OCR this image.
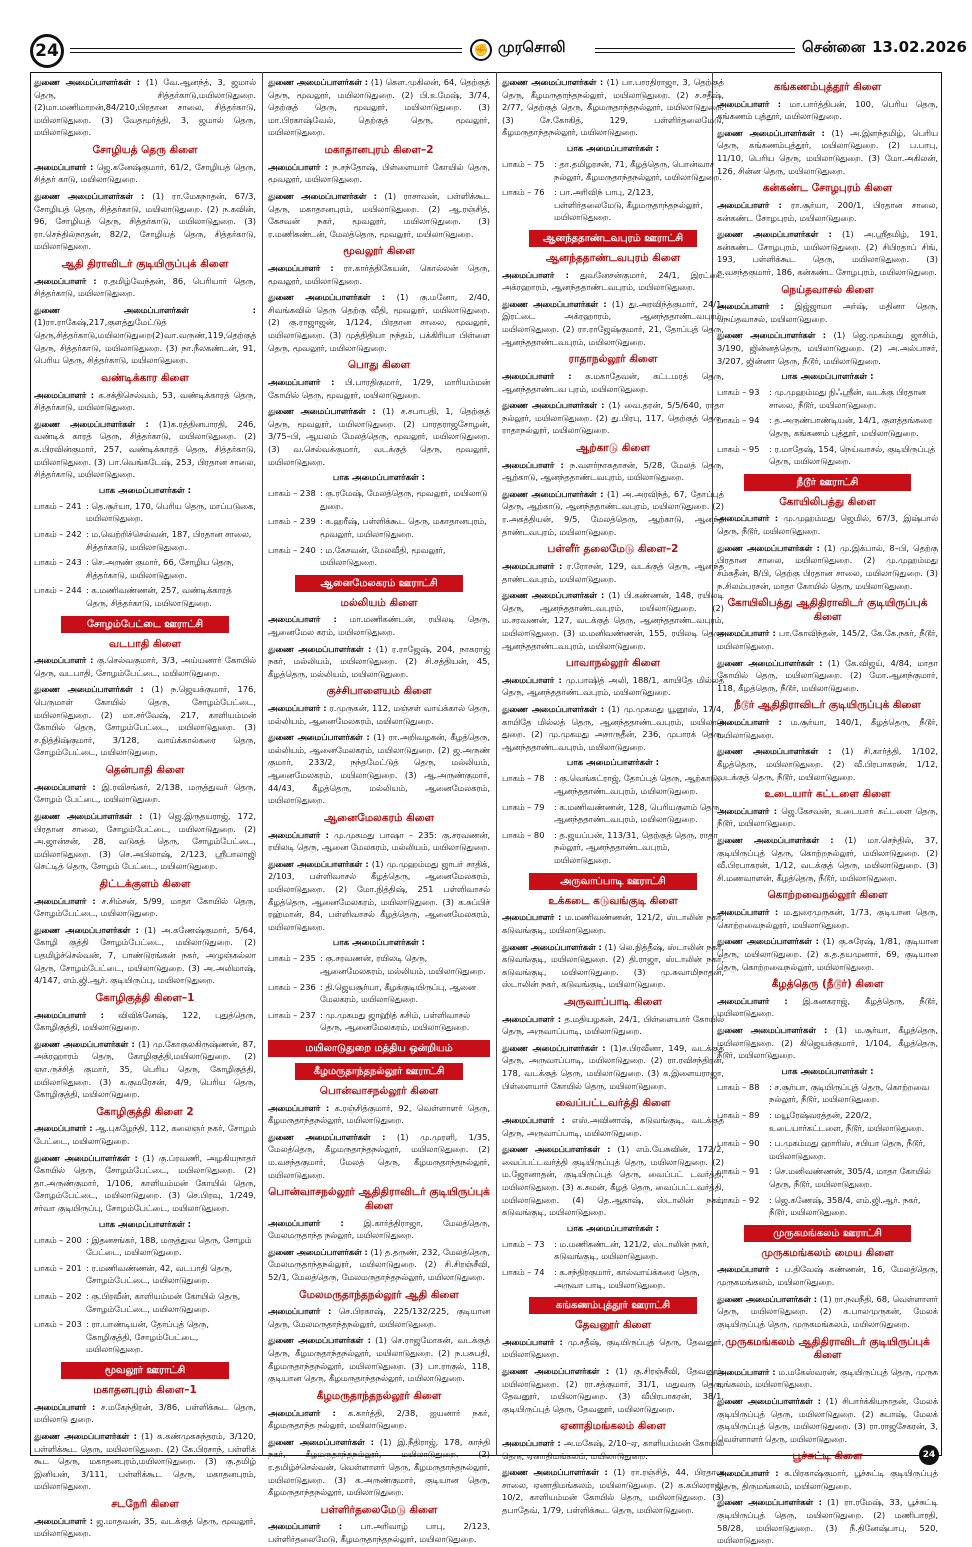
24	✊ முரசொலி	சென்னை 13.02.2026
துணை அமைப்பாளர்கள் : (1) வே.ஆனந்த், 3, ஜமால் தெரு, சித்தர்காடு,மயிலாடுதுறை.(2)மா.மணிமாறன்,84/210,பிரதான சாலை, சித்தர்காடு, மயிலாடுதுறை. (3) வேதமூர்த்தி, 3, ஜமால் தெரு, மயிலாடுதுறை.
சோழியத் தெரு கிளை
அமைப்பாளர் : ஜெ.கனேஷ்குமார், 61/2, சோழியத் தெரு, சித்தர் காடு, மயிலாடுதுறை.
துணை அமைப்பாளர்கள் : (1) ரா.மேகநாதன், 67/3, சோழியத் தெரு, சித்தர்காடு, மயிலாடுதுறை. (2) ந.கவின், 96, சோழியத் தெரு, சித்தர்காடு, மயிலாடுதுறை. (3) ரா.செந்தில்நாதன், 82/2, சோழியத் தெரு, சித்தர்காடு, மயிலாடுதுறை.
ஆதி திராவிடர் குடியிருப்புக் கிளை
அமைப்பாளர் : ர.தமிழ்வேந்தன், 86, பெரியார் தெரு, சித்தர்காடு, மயிலாடுதுறை.
துணை அமைப்பாளர்கள் : (1)ரா.ராகேஷ்,217,குளத்துமேட்டுத் தெரு,சித்தர்காடு,மயிலாடுதுறை(2)வா.வருண்,119,தெற்குத் தெரு, சித்தர்காடு, மயிலாடுதுறை. (3) நா.நீலகண்டன், 91, பெரிய தெரு, சித்தர்காடு, மயிலாடுதுறை.
வண்டிக்கார கிளை
அமைப்பாளர் : க.சக்திசெல்வம், 53, வண்டிக்காரத் தெரு, சித்தர்காடு, மயிலாடுதுறை.
துணை அமைப்பாளர்கள் : (1)க.ரத்தினபாரதி, 246, வண்டிக் காரத் தெரு, சித்தர்காடு, மயிலாடுதுறை. (2) க.பிரவின்குமார், 257, வண்டிக்காரத் தெரு, சித்தர்காடு, மயிலாடுதுறை. (3) பா.வெங்கடேஷ், 253, பிரதான சாலை, சித்தர்காடு, மயிலாடுதுறை.
பாக அமைப்பாளர்கள் :
பாகம் – 241 : தெ.சூர்யா, 170, பெரிய தெரு, மாப்படுகை, மயிலாடுதுறை.
பாகம் – 242 : ம.வெற்றிச்செல்வன், 187, பிரதான சாலை, சித்தர்காடு, மயிலாடுதுறை.
பாகம் – 243 : செ.அருண் குமார், 66, சோழிய தெரு, சித்தர்காடு, மயிலாடுதுறை.
பாகம் – 244 : க.மணிவண்ணன், 257, வண்டிக்காரத் தெரு, சித்தர்காடு, மயிலாடுதுறை.
சோழம்பேட்டை ஊராட்சி
வடபாதி கிளை
அமைப்பாளர் : கு.செல்வகுமார், 3/3, அய்யனார் கோயில் தெரு, வடபாதி, சோழம்பேட்டை, மயிலாடுதுறை.
துணை அமைப்பாளர்கள் : (1) ந.ஜெயக்குமார், 176, பெருமாள் கோயில் தெரு, சோழம்பேட்டை, மயிலாடுதுறை. (2) மா.சர்வேஷ், 217, காளியம்மன் கோயில் தெரு, சோழம்பேட்டை, மயிலாடுதுறை. (3) ச.நித்திஷ்குமார், 3/128, வாய்க்கால்கரை தெரு, சோழம்பேட்டை, மயிலாடுதுறை.
தென்பாதி கிளை
அமைப்பாளர் : இ.ரவிசங்கர், 2/138, மருத்துவர் தெரு, சோழம் பேட்டை, மயிலாடுதுறை.
துணை அமைப்பாளர்கள் : (1) ஜெ.இருதயராஜ், 172, பிரதான சாலை, சோழம்பேட்டை, மயிலாடுதுறை. (2) அ.ஜான்சன், 28, வடுகத் தெரு, சோழம்பேட்டை, மயிலாடுதுறை. (3) செ.அபிலாஷ், 2/123, ஸ்ரீபாலாஜி செட்டித் தெரு, சோழம் பேட்டை, மயிலாடுதுறை.
திட்டக்குளம் கிளை
அமைப்பாளர் : ச.சிம்சன், 5/99, மாதா கோயில் தெரு, சோழம்பேட்டை, மயிலாடுதுறை.
துணை அமைப்பாளர்கள் : (1) அ.கணேஷ்குமார், 5/64, கோழி குத்தி சோழம்பேட்டை, மயிலாடுதுறை. (2) பதமிழ்ச்செல்வன், 7, பாண்டுரங்கன் நகர், அழுஞ்கல்லா தெரு, சோழம்பேட்டை, மயிலாடுதுறை. (3) அ.அலிமாஷ், 4/147, எம்.ஜி.ஆர். குடியிருப்பு, மயிலாடுதுறை.
கோழிகுத்தி கிளை–1
அமைப்பாளர் : விவிக்னேஷ், 122, புதுத்தெரு, கோழிகுத்தி, மயிலாடுதுறை.
துணை அமைப்பாளர்கள் : (1) மு.கோகுலகிருஷ்ணன், 87, அக்ரஹாரம் தெரு, கோழிகுத்தி,மயிலாடுதுறை. (2) ஞா.ருச்சித் குமார், 35, பெரிய தெரு, கோழிகுத்தி, மயிலாடுதுறை. (3) க.குமரேசன், 4/9, பெரிய தெரு, கோழிகுத்தி, மயிலாடுதுறை.
கோழிகுத்தி கிளை 2
அமைப்பாளர் : ஆ.புகழேந்தி, 112, கலைஞர் நகர், சோழம் பேட்டை, மயிலாடுதுறை.
துணை அமைப்பாளர்கள் : (1) கு.ப்ரவணி, அழகியநாதர் கோயில் தெரு, சோழம்பேட்டை, மயிலாடுதுறை. (2) தா.அருண்குமார், 1/106, காளியம்மன் கோயில் தெரு, சோழம்பேட்டை, மயிலாடுதுறை. (3) செ.பிரவு, 1/249, சர்வா குடியிருப்பு, சோழம்பேட்டை, மயிலாடுதுறை.
பாக அமைப்பாளர்கள் :
பாகம் – 200 : இதனசங்கர், 188, மருத்துவ தெரு, சோழம் பேட்டை, மயிலாடுதுறை.
பாகம் – 201 : ர.மணிவண்ணன், 42, வடபாதி தெரு, சோழம்பேட்டை, மயிலாடுதுறை.
பாகம் – 202 : கு.பிரவீன், காளியம்மன் கோயில் தெரு, சோழம்பேட்டை, மயிலாடுதுறை.
பாகம் – 203 : ரா.பாண்டியன், தோப்புத் தெரு, கோழிகுத்தி, சோழம்பேட்டை, மயிலாடுதுறை.
மூவலூர் ஊராட்சி
மகாதனபுரம் கிளை–1
அமைப்பாளர் : ச.மகேந்திரன், 3/86, பள்ளிக்கூட தெரு, மயிலாடு துறை.
துணை அமைப்பாளர்கள் : (1) க.கண்முகசுந்தரம், 3/120, பள்ளிக்கூட தெரு, மயிலாடுதுறை. (2) கே.பிரசாந், பள்ளிக் கூட தெரு, மகாதனபுரம்,மயிலாடுதுறை. (3) கு.தமிழ் இனியன், 3/111, பள்ளிக்கூட தெரு, மகாதனபுரம், மயிலாடுதுறை.
சடநேரி கிளை
அமைப்பாளர் : ஜ.மாதவன், 35, வடக்குத் தெரு, மூவலூர், மயிலாடுதுறை.
துணை அமைப்பாளர்கள் : (1) கௌ.முகிலன், 64, தெற்குத் தெரு, மூவலூர், மயிலாடுதுறை. (2) பி.உமேஷ், 3/74, தெற்குத் தெரு, மூவலூர், மயிலாடுதுறை. (3) மா.பிரகாஷ்வேல், தெற்குத் தெரு, மூவலூர், மயிலாடுதுறை.
மகாதானபுரம் கிளை–2
அமைப்பாளர் : ந.சந்தோஷ், பிள்ளையார் கோயில் தெரு, மூவலூர், மயிலாடுதுறை.
துணை அமைப்பாளர்கள் : (1) ராசாவன், பள்ளிக்கூட தெரு, மகாதானபுரம், மயிலாடுதுறை. (2) ஆ.ரஞ்சித், கேசவன் நகர், மூவலூர், மயிலாடுதுறை. (3) ர.மணிகண்டன், மேலத்தெரு, மூவலூர், மயிலாடுதுறை.
மூவலூர் கிளை
அமைப்பாளர் : ரா.கார்த்திகேயன், கொல்லன் தெரு, மூவலூர், மயிலாடுதுறை.
துணை அமைப்பாளர்கள் : (1) கு.மனோ, 2/40, சிவங்கவில் தெரு தெற்கு வீதி, மூவலூர், மயிலாடுதுறை. (2) கு.ராஜாஜன், 1/124, பிரதான சாலை, மூவலூர், மயிலாடுதுறை. (3) முத்திதியா நந்தம், பக்கிரியா பிள்ளை தெரு, மூவலூர், மயிலாடுதுறை.
பொது கிளை
அமைப்பாளர் : பி.பாரதிகுமார், 1/29, மாரியம்மன் கோயில் தெரு, மூவலூர், மயிலாடுதுறை.
துணை அமைப்பாளர்கள் : (1) ச.சபாபதி, 1, தெற்குத் தெரு, மூவலூர், மயிலாடுதுறை. (2) பாரதராஜசோழன், 3/75–பி, ஆயலம் மேலத்தெரு, மூவலூர், மயிலாடுதுறை. (3) வ.செல்வக்குமார், வடக்குத் தெரு, மூவலூர், மயிலாடுதுறை.
பாக அமைப்பாளர்கள் :
பாகம் – 238 : கு.ரமேஷ், மேலத்தெரு, மூவலூர், மயிலாடு துறை.
பாகம் – 239 : க.ஹரீஷ், பள்ளிக்கூட தெரு, மகாதானபுரம், மூவலூர், மயிலாடுதுறை.
பாகம் – 240 : ம.கேசவன், மேலவீதி, மூவலூர், மயிலாடுதுறை.
ஆனைமேலகரம் ஊராட்சி
மல்லியம் கிளை
அமைப்பாளர் : மா.மணிகண்டன், ரயிலடி தெரு, ஆனைமேல கரம், மயிலாடுதுறை.
துணை அமைப்பாளர்கள் : (1) ர.ராஜேஷ், 204, நாகராஜ் நகர், மல்லியம், மயிலாடுதுறை. (2) சி.சத்தியன், 45, கீழத்தெரு, மல்லியம், மயிலாடுதுறை.
குச்சிபாளையம் கிளை
அமைப்பாளர் : ர.முருகன், 112, மஞ்சள் வாய்க்கால் தெரு, மல்லியம், ஆனைமேலகரம், மயிலாடுதுறை.
துணை அமைப்பாளர்கள் : (1) ரா.அறிவழகன், கீழத்தெரு, மல்லியம், ஆனைமேலகரம், மயிலாடுதுறை. (2) ஜ.அருண் குமார், 233/2, நந்தமேட்டுத் தெரு, மல்லியம், ஆனைமேலகரம், மயிலாடுதுறை. (3) ஆ.அருண்குமார், 44/43, கீழத்தெரு, மல்லியம், ஆனைமேலகரம், மயிலாடுதுறை.
ஆனைமேலகரம் கிளை
அமைப்பாளர் : மு.முகமது பாஷா – 235: கு.சரவணன், ரயிலடி தெரு, ஆனை மேலகரம், மல்லியம், மயிலாடுதுறை.
துணை அமைப்பாளர்கள் : (1) மு.முஹம்மது ஜாபர் சாதிக், 2/103, பள்ளிவாசல் கீழத்தெரு, ஆனைமேலகரம், மயிலாடுதுறை. (2) மோ.நித்திஷ், 251 பள்ளிவாசல் கீழத்தெரு, ஆனைமேலகரம், மயிலாடுதுறை. (3) க.சுப்பிச் ரஹ்மான், 84, பள்ளிவாசல் கீழத்தெரு, ஆனைமேலகரம், மயிலாடுதுறை.
பாக அமைப்பாளர்கள் :
பாகம் – 235 : கு.சரவணன், ரயிலடி தெரு, ஆனைமேலகரம், மல்லியம், மயிலாடுதுறை.
பாகம் – 236 : தி.ஜெயசூர்யா, கீழக்குடியிருப்பு, ஆனை மேலகரம், மயிலாடுதுறை.
பாகம் – 237 : மு.முகமது ஜாஹித் கசிம், பள்ளிவாசல் தெரு, ஆனைமேலகரம், மயிலாடுதுறை.
மயிலாடுதுறை மத்திய ஒன்றியம்
கீழமருதாந்தநல்லூர் ஊராட்சி
பொன்வாசநல்லூர் கிளை
அமைப்பாளர் : க.ரஞ்சித்குமார், 92, வெள்ளாளர் தெரு, கீழமருதாந்தநல்லூர், மயிலாடுதுறை.
துணை அமைப்பாளர்கள் : (1) மு.முரளி, 1/35, மேலத்தெரு, கீழமருதாந்தநல்லூர், மயிலாடுதுறை. (2) ம.வசந்தகுமார், மேலத் தெரு, கீழமருதாந்தநல்லூர், மயிலாடுதுறை.
பொன்வாசநல்லூர் ஆதிதிராவிடர் குடியிருப்புக் கிளை
அமைப்பாளர் : இ.கார்த்திராஜா, மேலத்தெரு, மேலமருதாந்த நல்லூர், மயிலாடுதுறை.
துணை அமைப்பாளர்கள் : (1) த.தருண், 232, மேலத்தெரு, மேலமருதாந்தநல்லூர், மயிலாடுதுறை. (2) சி.சிரஞ்சீவி, 52/1, மேலத்தெரு, மேலமருதாந்தநல்லூர், மயிலாடுதுறை.
மேலமருதாந்தநல்லூர் ஆதி கிளை
அமைப்பாளர் : செ.பிரகாஷ், 225/132/225, குடியான தெரு, மேலமருதாந்தநல்லூர், மயிலாடுதுறை.
துணை அமைப்பாளர்கள் : (1) செ.ராஜமோகன், வடக்குத் தெரு, கீழமருதாந்தநல்லூர், மயிலாடுதுறை. (2) ந.பசுபதி, கீழமருதாந்தநல்லூர், மயிலாடுதுறை. (3) பா.ராகுல், 118, குடியான தெரு, கீழமருதாந்தநல்லூர், மயிலாடுதுறை.
கீழமருதாந்தநல்லூர் கிளை
அமைப்பாளர் : க.கார்த்தி, 2/38, ஐயனார் நகர், கீழமருதாந்த நல்லூர், மயிலாடுதுறை.
துணை அமைப்பாளர்கள் : (1) இ.நீதிராஜ், 178, காந்தி நகர், கீழமருதாந்தநல்லூர், மயிலாடுதுறை. (2) ர.தமிழ்ச்செல்வன், வெள்ளாளர் தெரு, கீழமருதாந்தநல்லூர், மயிலாடுதுறை. (3) க.அருண்குமார், குடியான தெரு, கீழமருதாந்தநல்லூர், மயிலாடுதுறை.
பள்ளிர்தலைமேடு கிளை
அமைப்பாளர் : பா.அரிவாழ் பாபு, 2/123, பள்ளிர்தலைமேடு, கீழமருதாந்தநல்லூர், மயிலாடுதுறை.
துணை அமைப்பாளர்கள் : (1) பா.பாரதிராஜா, 3, தெற்குத் தெரு, கீழமருதாந்தநல்லூர், மயிலாடுதுறை. (2) ச.சதீஷ், 2/77, தெற்குத் தெரு, கீழமருதாந்தநல்லூர், மயிலாடுதுறை. (3) சே.கோகித், 129, பள்ளிர்தலைமேடு, கீழமருதாந்தநல்லூர், மயிலாடுதுறை.
பாக அமைப்பாளர்கள் :
பாகம் – 75	: தா.தமிழரசன், 71, கீழத்தெரு, பொன்வாச நல்லூர், கீழமருதாந்தநல்லூர், மயிலாடுதுறை.
பாகம் – 76	: பா.அரிவிந் பாபு, 2/123, பள்ளிர்தலைமேடு, கீழமருதாந்தநல்லூர், மயிலாடுதுறை.
ஆனந்ததாண்டவபுரம் ஊராட்சி
ஆனந்ததாண்டவபுரம் கிளை
அமைப்பாளர் : துவனேசன்குமார், 24/1, இரட்டை அக்ரஹாரம், ஆனந்ததாண்டவபுரம், மயிலாடுதுறை.
துணை அமைப்பாளர்கள் : (1) து.அரவிந்த்குமார், 24/1, இரட்டை அக்ரஹாரம், ஆனந்ததாண்டவபுரம், மயிலாடுதுறை. (2) ரா.ராஜேஷ்குமார், 21, தோப்புத் தெரு, ஆனந்ததாண்டவபுரம், மயிலாடுதுறை.
ராதாநல்லூர் கிளை
அமைப்பாளர் : க.மகாதேவன், கட்டமரத் தெரு, ஆனந்ததாண்டவ புரம், மயிலாடுதுறை.
துணை அமைப்பாளர்கள் : (1) வை.தரன், 5/5/640, ராதா நல்லூர், மயிலாடுதுறை. (2) து.பிரபு, 117, தெற்குத் தெரு, ராதாநல்லூர், மயிலாடுதுறை.
ஆற்காடு கிளை
அமைப்பாளர் : ந.வளர்நாகதாசன், 5/28, மேலத் தெரு, ஆற்காடு, ஆனந்ததாண்டவபுரம், மயிலாடுதுறை.
துணை அமைப்பாளர்கள் : (1) அ.அரவிந்த், 67, தோப்புத் தெரு, ஆற்காடு, ஆனந்ததாண்டவபுரம், மயிலாடுதுறை. (2) ர.அகத்தியன், 9/5, மேலத்தெரு, ஆற்காடு, ஆனந்த தாண்டவபுரம், மயிலாடுதுறை.
பள்ளீர் தலைமேடு கிளை–2
அமைப்பாளர் : ர.ரோசன், 129, வடக்குத் தெரு, ஆனந்த தாண்டவபுரம், மயிலாடுதுறை.
துணை அமைப்பாளர்கள் : (1) பி.கண்ணன், 148, ரயிலடி தெரு, ஆனந்ததாண்டவபுரம், மயிலாடுதுறை. (2) ம.சரவணன், 127, வடக்குத் தெரு, ஆனந்ததாண்டவபுரம், மயிலாடுதுறை. (3) ம.மனிவண்ணன், 155, ரயிலடி தெரு, ஆனந்ததாண்டவபுரம், மயிலாடுதுறை.
பாவாநல்லூர் கிளை
அமைப்பாளர் : மு.பாஷித் அலி, 188/1, காயிதே மில்லத் தெரு, ஆனந்ததாண்டவபுரம், மயிலாடுதுறை.
துணை அமைப்பாளர்கள் : (1) மு.முகமது யூனூஸ், 17/4, காயிதே மில்லத் தெரு, ஆனந்ததாண்டவபுரம், மயிலாடு துறை. (2) மு.முகமது அசாருதீன், 236, முபாரக் தெரு, ஆனந்ததாண்டவபுரம், மயிலாடுதுறை.
பாக அமைப்பாளர்கள் :
பாகம் – 78	: கு.வெங்கட்ராஜ், தோப்புத் தெரு, ஆற்காடு, ஆனந்ததாண்டவபுரம், மயிலாடுதுறை.
பாகம் – 79	: க.மணிவண்ணன், 128, பெரியகுளம் தெரு, ஆனந்ததாண்டவபுரம், மயிலாடுதுறை.
பாகம் – 80	: த.ஜயப்பன், 113/31, தெற்குத் தெரு, ராதா நல்லூர், ஆனந்ததாண்டவபுரம், மயிலாடுதுறை.
அருவாப்பாடி ஊராட்சி
உக்கடை கடுவங்குடி கிளை
அமைப்பாளர் : ம.மணிவண்ணன், 121/2, ஸ்டாலின் நகர், கடுவங்குடி, மயிலாடுதுறை.
துணை அமைப்பாளர்கள் : (1) லெ.நித்தீஷ், ஸ்டாலின் நகர், கடுவங்குடி, மயிலாடுதுறை. (2) தி.ராஜா, ஸ்டாலின் நகர், கடுவங்குடி, மயிலாடுதுறை. (3) மு.சுவாமிநாதன், ஸ்டாலின் நகர், கடுவங்குடி, மயிலாடுதுறை.
அருவாப்பாடி கிளை
அமைப்பாளர் : த.மதியழகன், 24/1, பிள்ளையார் கோயில் தெரு, அருவாப்பாடி, மயிலாடுதுறை.
துணை அமைப்பாளர்கள் : (1)ச.பிரவீனா, 149, வடக்குத் தெரு, அருவாப்பாடி, மயிலாடுதுறை. (2) ரா.ரவிசந்திரன், 178, வடக்குத் தெரு, மயிலாடுதுறை. (3) க.இளையராஜா, பிள்ளையார் கோயில் தெரு, மயிலாடுதுறை.
வைப்பட்டவர்த்தி கிளை
அமைப்பாளர் : எஸ்.அவினாஷ், கடுவங்குடி, வடக்குத் தெரு, அருவாப்பாடி, மயிலாடுதுறை.
துணை அமைப்பாளர்கள் : (1) எம்.யேசுவின், 172/2, வைப்பட்டவர்த்தி குடியிருப்புத் தெரு, மயிலாடுதுறை. (2) ம.ஜோனாதன், குடியிருப்புத் தெரு, வைப்பட் டவர்த்தி, மயிலாடுதுறை. (3) க.சுமன், கீழத் தெரு, வைப்பட்டவர்த்தி, மயிலாடுதுறை. (4) தெ.ஆகாஷ், ஸ்டாலின் நகர், கடுவங்குடி, மயிலாடுதுறை.
பாக அமைப்பாளர்கள் :
பாகம் – 73	: ம.மணிகண்டன், 121/2, ஸ்டாலின் நகர், கடுவங்குடி, மயிலாடுதுறை.
பாகம் – 74	: க.சந்திரகுமார், கால்வாய்க்கரை தெரு, அருவா பாடி, மயிலாடுதுறை.
கங்கணம்புத்தூர் ஊராட்சி
தேவனூர் கிளை
அமைப்பாளர் : மு.சதீஷ், குடியிருப்புத் தெரு, தேவனூர், மயிலாடுதுறை.
துணை அமைப்பாளர்கள் : (1) கு.சிரஞ்சீவி, தேவனூர், மயிலாடுதுறை. (2) ரா.சத்குமார், 31/1, மதுவரு தெரு, தேவனூர், மயிலாடுதுறை. (3) வீபிரபாகரன், 38/1, குடியிருப்புத் தெரு, தேவனூர், மயிலாடுதுறை.
ஏனாதிமங்கலம் கிளை
அமைப்பாளர் : அ.மகேஷ், 2/10–ஏ, காளியம்மன் கோயில் தெரு, ஏனாதிமங்கலம், மயிலாடுதுறை.
துணை அமைப்பாளர்கள் : (1) ரா.ரஞ்சித், 44, பிரதான சாலை, ஏனாதிமங்கலம், மயிலாடுதுறை. (2) க.கபிலராஜ், 10/2, காளியம்மன் கோயில் தெரு, மயிலாடுதுறை. (3) தபாதேவ், 1/79, பள்ளிக்கூட தெரு, மயிலாடுதுறை.
கங்கணம்புத்தூர் கிளை
அமைப்பாளர் : மா.பார்த்திபன், 100, பெரிய தெரு, கங்கணம் புத்தூர், மயிலாடுதுறை.
துணை அமைப்பாளர்கள் : (1) அ.இளந்தமிழ், பெரிய தெரு, கங்கணம்புத்தூர், மயிலாடுதுறை. (2) ப.பாபு, 11/10, பெரிய தெரு, மயிலாடுதுறை. (3) மோ.அகிலன், 126, சின்ன தெரு, மயிலாடுதுறை.
கன்கண்ட சோழபுரம் கிளை
அமைப்பாளர் : ரா.சூர்யா, 200/1, பிரதான சாலை, கன்கண்ட சோழபுரம், மயிலாடுதுறை.
துணை அமைப்பாளர்கள் : (1) அ.ஸ்ரீதமிழ், 191, கன்கண்ட சோழபுரம், மயிலாடுதுறை. (2) சிபிரதாப் சிங், 193, பள்ளிக்கூட தெரு, மயிலாடுதுறை. (3) த.வசந்தகுமார், 186, கன்கண்ட சோழபுரம், மயிலாடுதுறை.
நெய்தவாசல் கிளை
அமைப்பாளர் : இஜ்ஜாமா அர்ஷ், மதினா தெரு, நெய்தவாசல், மயிலாடுதுறை.
துணை அமைப்பாளர்கள் : (1) ஜெ.முகம்மது ஜாசிம், 3/190, ஜின்னத்தெரு, மயிலாடுதுறை. (2) அ.அல்பாசர், 3/207, ஜின்னா தெரு, நீடூர், மயிலாடுதுறை.
பாக அமைப்பாளர்கள் :
பாகம் – 93	: மு.முஹம்மது நிஃஸ்ரீன், வடக்கு பிரதான சாலை, நீடூர், மயிலாடுதுறை.
பாகம் – 94	: த.அருண்பாண்டியன், 14/1, குளத்தங்கரை தெரு, கங்கணம் புத்தூர், மயிலாடுதுறை.
பாகம் – 95	: ர.மாதேஷ், 154, நெய்வாசல், குடியிருப்புத் தெரு, மயிலாடுதுறை.
நீடூர் ஊராட்சி
கோயிலிபத்து கிளை
அமைப்பாளர் : மு.முஹம்மது ஜெமில், 67/3, இஷ்பால் தெரு, நீடூர், மயிலாடுதுறை.
துணை அமைப்பாளர்கள் : (1) மு.இக்பால், 8–பி, தெற்கு பிரதான சாலை, மயிலாடுதுறை. (2) மு.முஹம்மது சம்சுதீன், 8/பி, தெற்கு பிரதான சாலை, மயிலாடுதுறை. (3) ந.சிலம்பரசன், மாதா கோயில் தெரு, மயிலாடுதுறை.
கோயிலிபத்து ஆதிதிராவிடர் குடியிருப்புக் கிளை
அமைப்பாளர் : பா.கோவிந்தன், 145/2, கே.கே.நகர், நீடூர், மயிலாடுதுறை.
துணை அமைப்பாளர்கள் : (1) கே.விஜய், 4/84, மாதா கோயில் தெரு, மயிலாடுதுறை. (2) மோ.ஆனந்குமார், 118, கீழத்தெரு, நீடூர், மயிலாடுதுறை.
நீடூர் ஆதிதிராவிடர் குடியிருப்புக் கிளை
அமைப்பாளர் : ம.சூர்யா, 140/1, கீழத்தெரு, நீடூர், மயிலாடுதுறை.
துணை அமைப்பாளர்கள் : (1) சி.கார்த்தி, 1/102, கீழத்தெரு, மயிலாடுதுறை. (2) வீ.பிரபாகரன், 1/12, வடக்குத் தெரு, நீடூர், மயிலாடுதுறை.
உடையார் கட்டளை கிளை
அமைப்பாளர் : ஜெ.கேசவன், உடையார் கட்டளை தெரு, நீடூர், மயிலாடுதுறை.
துணை அமைப்பாளர்கள் : (1) மா.செந்தில், 37, குடியிருப்புத் தெரு, கொற்றநல்லூர், மயிலாடுதுறை. (2) வீ.பிரபாகரன், 1/12, வடக்குத் தெரு, மயிலாடுதுறை. (3) சி.மணவாளன், கீழத்தெரு, நீடூர், மயிலாடுதுறை.
கொற்றவைநல்லூர் கிளை
அமைப்பாளர் : ம.துரைமுருகன், 1/73, குடியான தெரு, கொற்றவைநல்லூர், மயிலாடுதுறை.
துணை அமைப்பாளர்கள் : (1) கு.சுரேஷ், 1/81, குடியான தெரு, மயிலாடுதுறை. (2) க.த.தயமுனார், 69, குடியான தெரு, கொற்றவைநல்லூர், மயிலாடுதுறை.
கீழத்தெரு (நீடூர்) கிளை
அமைப்பாளர் : இ.கனகராஜ், கீழத்தெரு, நீடூர், மயிலாடுதுறை.
துணை அமைப்பாளர்கள் : (1) ம.சூர்யா, கீழத்தெரு, மயிலாடுதுறை. (2) கிஜெயக்குமார், 1/104, கீழத்தெரு, நீடூர், மயிலாடுதுறை.
பாக அமைப்பாளர்கள் :
பாகம் – 88	: ச.சூர்யா, குடியிருப்புத் தெரு, கொற்றவை நல்லூர், நீடூர், மயிலாடுதுறை.
பாகம் – 89	: மயூரேஷ்வரத்தன், 220/2, உடையார்கட்டளை, நீடூர், மயிலாடுதுறை.
பாகம் – 90	: ப.முகம்மது ஹாரிஸ், சபியா தெரு, நீடூர், மயிலாடுதுறை.
பாகம் – 91	: செ.மனிவண்ணன், 305/4, மாதா கோயில் தெரு, நீடூர், மயிலாடுதுறை.
பாகம் – 92	: ஜெ.கணேஷ், 358/4, எம்.ஜி.ஆர். நகர், நீடூர், மயிலாடுதுறை.
முருகமங்கலம் ஊராட்சி
முருகமங்கலம் மைய கிளை
அமைப்பாளர் : ப.திவேஷ் கண்ணன், 16, மேலத்தெரு, முருகமங்கலம், மயிலாடுதுறை.
துணை அமைப்பாளர்கள் : (1) ரா.நவநீதி, 68, வெள்ளாளர் தெரு, மயிலாடுதுறை. (2) க.பாலமுருகன், மேலக் குடியிருப்புத் தெரு, முருகமங்கலம், மயிலாடுதுறை.
முருகமங்கலம் ஆதிதிராவிடர் குடியிருப்புக் கிளை
அமைப்பாளர் : ம.மகேஸ்வரன், குடியிருப்புத் தெரு, முருக மங்கலம், மயிலாடுதுறை.
துணை அமைப்பாளர்கள் : (1) சிபார்க்கியநாதன், மேலக் குடியிருப்புத் தெரு, மயிலாடுதுறை. (2) சுபாஷ், மேலக் குடியிருப்புத் தெரு, மயிலாடுதுறை. (3) ரா.ராஜசேகரன், 3, வெள்ளாளர் தெரு, மயிலாடுதுறை.
பூச்சுட்டி கிளை
அமைப்பாளர் : க.பிரகாஷ்குமார், பூச்சுட்டி குடியிருப்புத் தெரு, திருமங்கலம், மயிலாடுதுறை.
துணை அமைப்பாளர்கள் : (1) ரா.ரமேஷ், 33, பூச்சுட்டி குடியிருப்புத் தெரு, மயிலாடுதுறை. (2) மணிபாரதி, 58/28, மயிலாடுதுறை. (3) நீ.தினேஷ்பாபு, 520, மயிலாடுதுறை.
24
